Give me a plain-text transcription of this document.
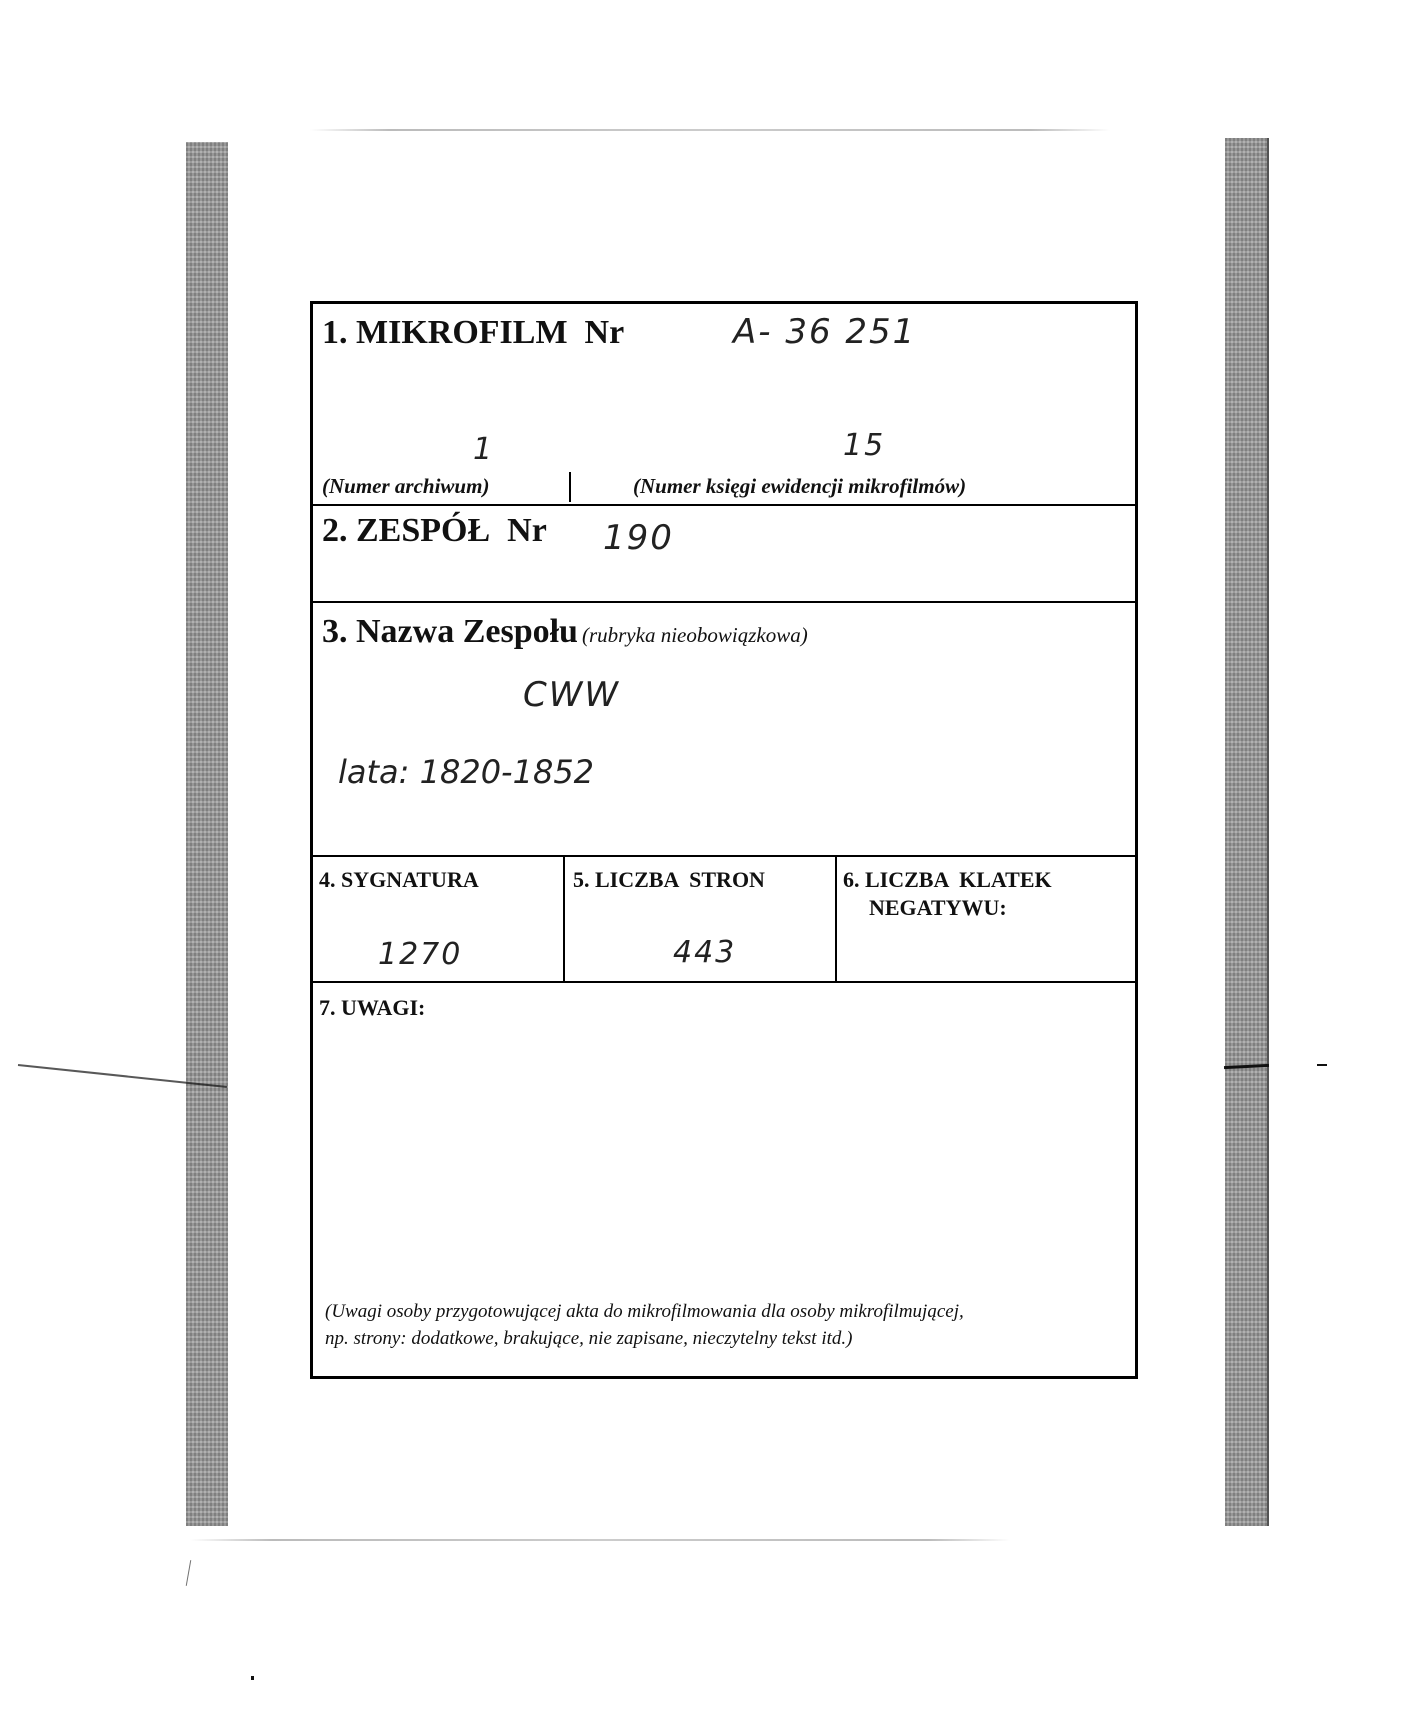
1. MIKROFILM  Nr	A- 36 251
1	15
(Numer archiwum)	(Numer księgi ewidencji mikrofilmów)
2. ZESPÓŁ  Nr 190
3. Nazwa Zespołu (rubryka nieobowiązkowa)
CWW
lata: 1820-1852
4. SYGNATURA
1270
5. LICZBA  STRON
443
6. LICZBA  KLATEK
NEGATYWU:
7. UWAGI:
(Uwagi osoby przygotowującej akta do mikrofilmowania dla osoby mikrofilmującej,
np. strony: dodatkowe, brakujące, nie zapisane, nieczytelny tekst itd.)
